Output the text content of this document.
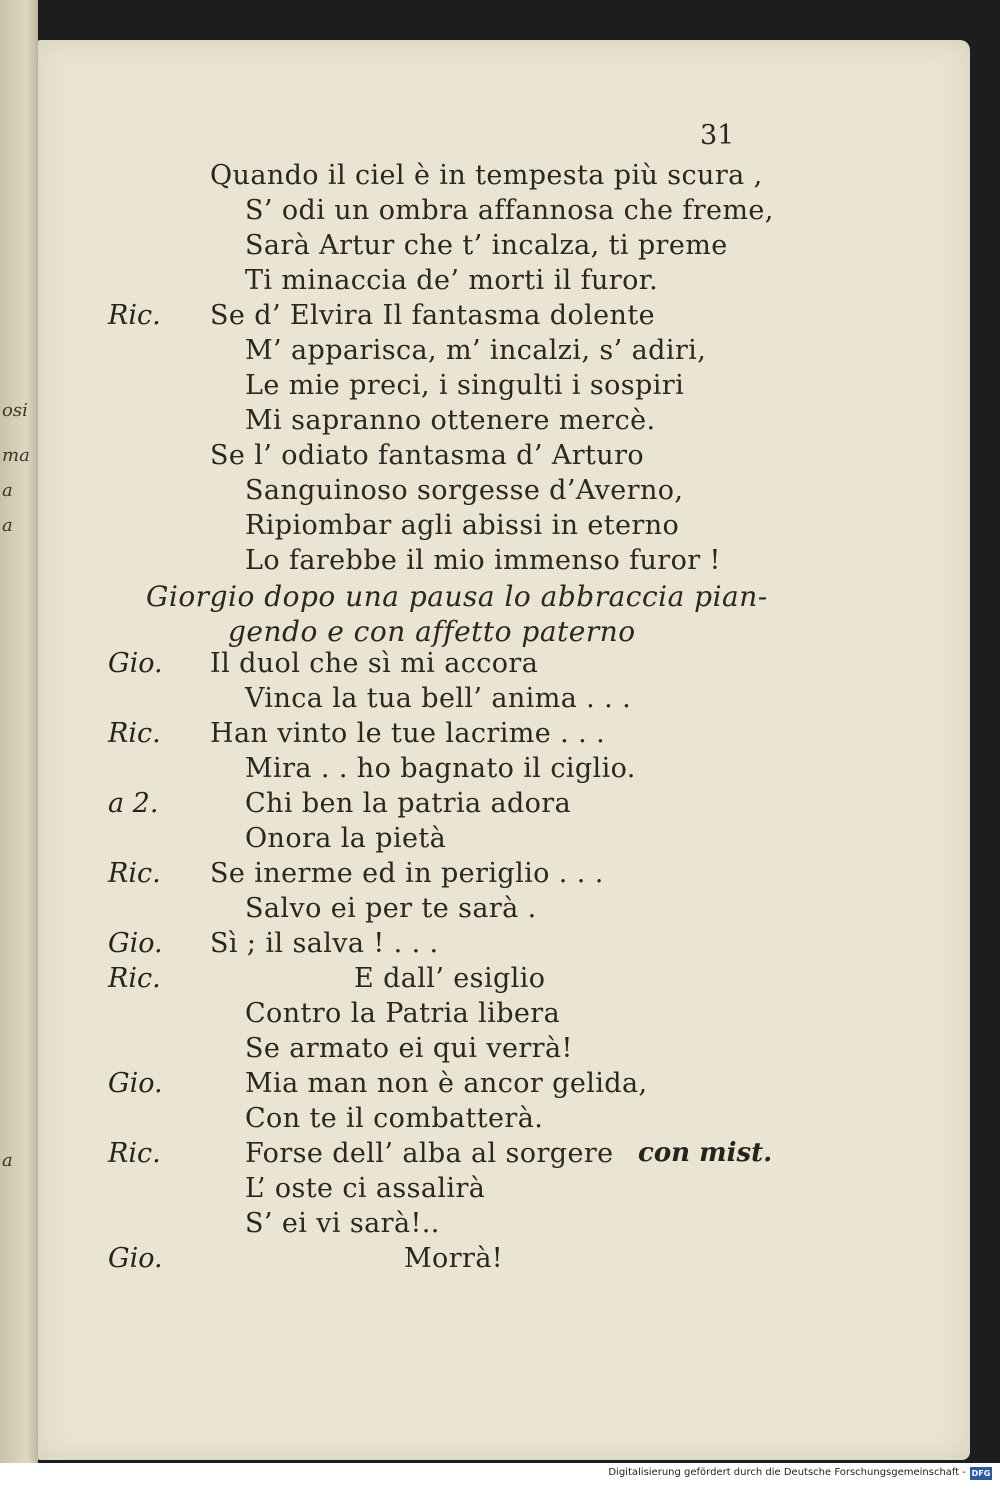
osi
ma
a
a
a
31
Quando il ciel è in tempesta più scura ,
S’ odi un ombra affannosa che freme,
Sarà Artur che t’ incalza, ti preme
Ti minaccia de’ morti il furor.
Ric. Se d’ Elvira Il fantasma dolente
M’ apparisca, m’ incalzi, s’ adiri,
Le mie preci, i singulti i sospiri
Mi sapranno ottenere mercè.
Se l’ odiato fantasma d’ Arturo
Sanguinoso sorgesse d’Averno,
Ripiombar agli abissi in eterno
Lo farebbe il mio immenso furor !
Giorgio dopo una pausa lo abbraccia pian-
gendo e con affetto paterno
Gio. Il duol che sì mi accora
Vinca la tua bell’ anima . . .
Ric. Han vinto le tue lacrime . . .
Mira . . ho bagnato il ciglio.
a 2.	Chi ben la patria adora
Onora la pietà
Ric. Se inerme ed in periglio . . .
Salvo ei per te sarà .
Gio. Sì ; il salva ! . . .
Ric.	E dall’ esiglio
Contro la Patria libera
Se armato ei qui verrà!
Gio.	Mia man non è ancor gelida,
Con te il combatterà.
Ric.	Forse dell’ alba al sorgere con mist.
L’ oste ci assalirà
S’ ei vi sarà!..
Gio.	Morrà!
Digitalisierung gefördert durch die Deutsche Forschungsgemeinschaft - DFG
